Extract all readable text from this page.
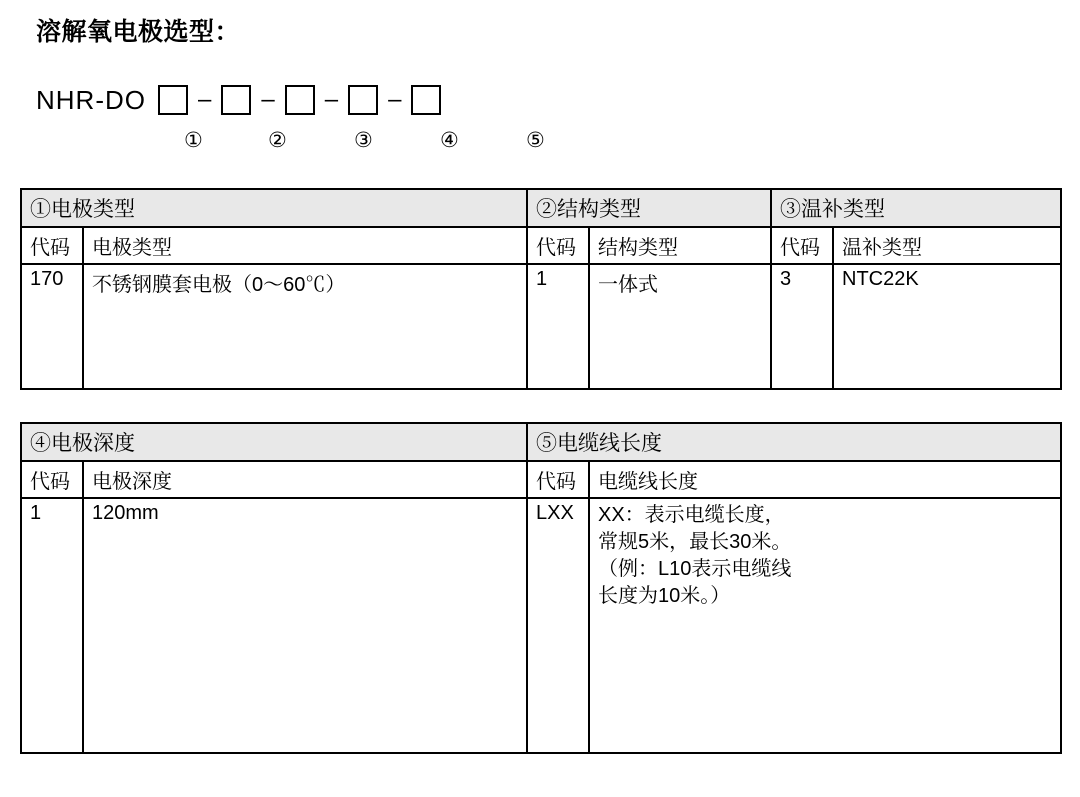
溶解氧电极选型：
NHR-DO – – – –
①	②	③	④	⑤
①电极类型		②结构类型		③温补类型	
代码	电极类型	代码	结构类型	代码	温补类型
170	不锈钢膜套电极（0～60℃）	1	一体式	3	NTC22K
④电极深度		⑤电缆线长度	
代码	电极深度	代码	电缆线长度
1	120mm	LXX	XX：表示电缆长度，
常规5米，最长30米。
（例：L10表示电缆线
长度为10米。）
